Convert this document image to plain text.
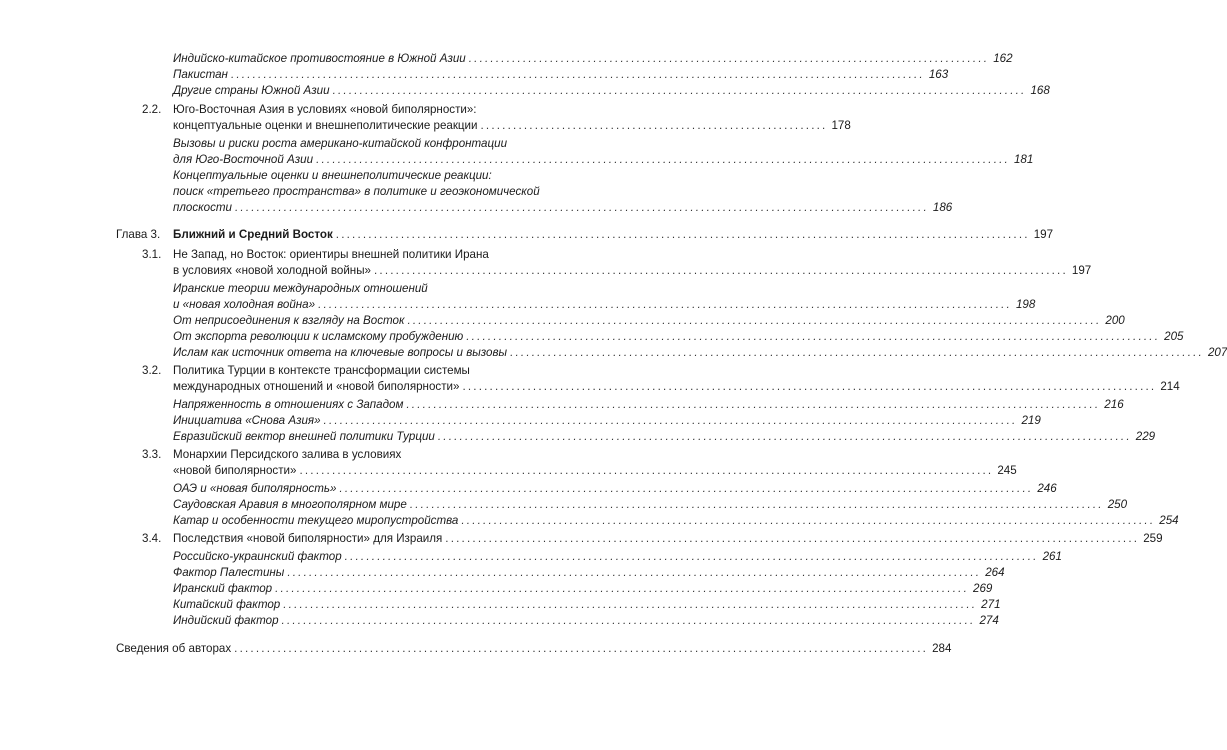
Индийско-китайское противостояние в Южной Азии ................................................................................................ 162
Пакистан ................................................................................................................................ 163
Другие страны Южной Азии ................................................................................................................................ 168
2.2. Юго-Восточная Азия в условиях «новой биполярности»:
концептуальные оценки и внешнеполитические реакции ................................................................ 178
Вызовы и риски роста американо-китайской конфронтации
для Юго-Восточной Азии ................................................................................................................................ 181
Концептуальные оценки и внешнеполитические реакции:
поиск «третьего пространства» в политике и геоэкономической
плоскости ................................................................................................................................ 186
Глава 3. Ближний и Средний Восток ................................................................................................................................ 197
3.1. Не Запад, но Восток: ориентиры внешней политики Ирана
в условиях «новой холодной войны» ................................................................................................................................ 197
Иранские теории международных отношений
и «новая холодная война» ................................................................................................................................ 198
От неприсоединения к взгляду на Восток ................................................................................................................................ 200
От экспорта революции к исламскому пробуждению ................................................................................................................................ 205
Ислам как источник ответа на ключевые вопросы и вызовы ................................................................................................................................ 207
3.2. Политика Турции в контексте трансформации системы
международных отношений и «новой биполярности» ................................................................................................................................ 214
Напряженность в отношениях с Западом ................................................................................................................................ 216
Инициатива «Снова Азия» ................................................................................................................................ 219
Евразийский вектор внешней политики Турции ................................................................................................................................ 229
3.3. Монархии Персидского залива в условиях
«новой биполярности» ................................................................................................................................ 245
ОАЭ и «новая биполярность» ................................................................................................................................ 246
Саудовская Аравия в многополярном мире ................................................................................................................................ 250
Катар и особенности текущего миропустройства ................................................................................................................................ 254
3.4. Последствия «новой биполярности» для Израиля ................................................................................................................................ 259
Российско-украинский фактор ................................................................................................................................ 261
Фактор Палестины ................................................................................................................................ 264
Иранский фактор ................................................................................................................................ 269
Китайский фактор ................................................................................................................................ 271
Индийский фактор ................................................................................................................................ 274
Сведения об авторах ................................................................................................................................ 284
